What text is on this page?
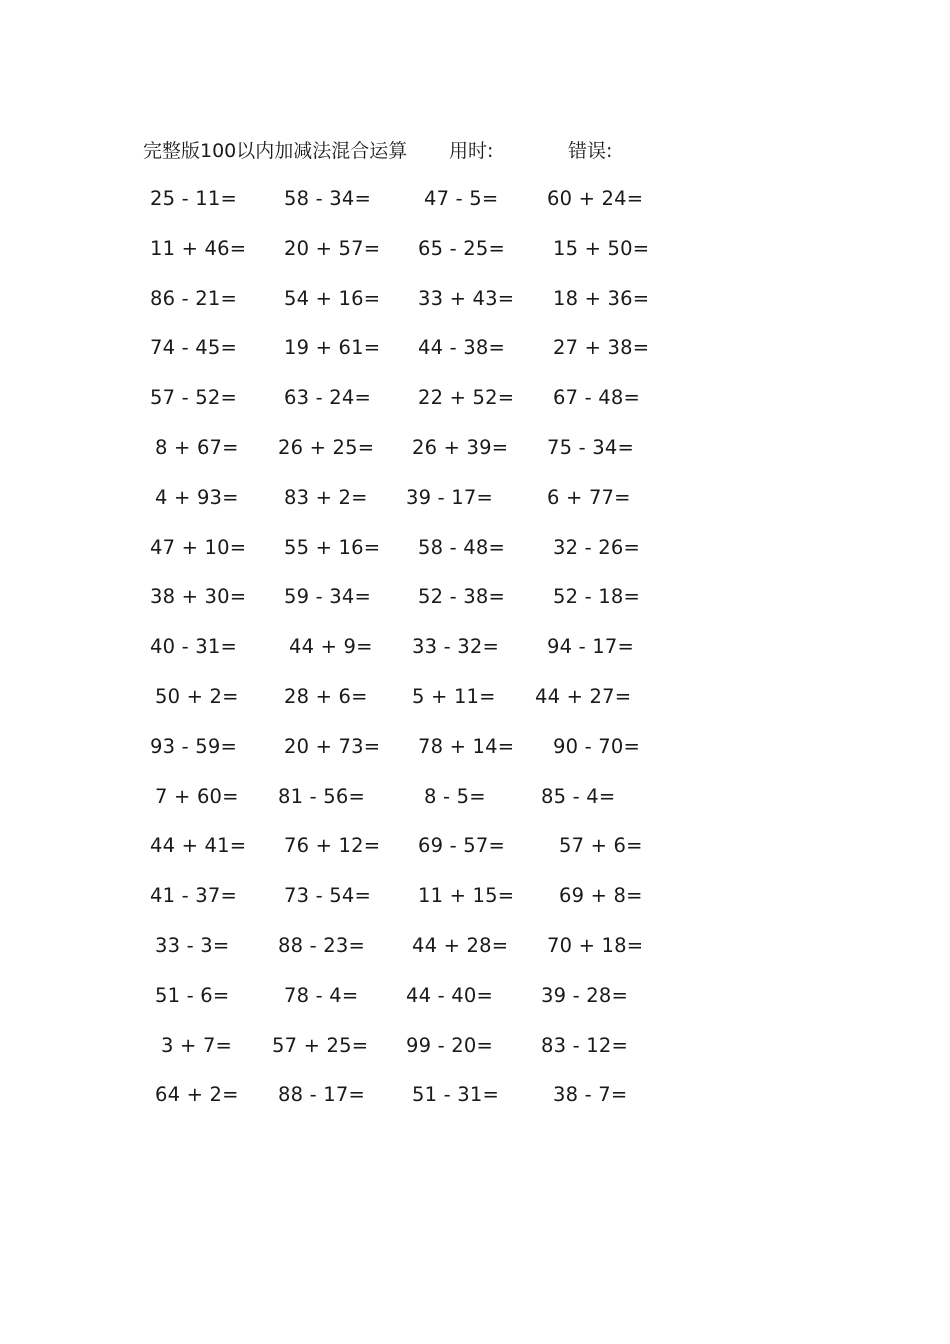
完整版100以内加减法混合运算 用时:	错误:
25 - 11= 58 - 34=	47 - 5= 60 + 24=
11 + 46= 20 + 57= 65 - 25= 15 + 50=
86 - 21= 54 + 16= 33 + 43= 18 + 36=
74 - 45= 19 + 61= 44 - 38= 27 + 38=
57 - 52= 63 - 24= 22 + 52= 67 - 48=
8 + 67= 26 + 25= 26 + 39= 75 - 34=
4 + 93= 83 + 2= 39 - 17=	6 + 77=
47 + 10= 55 + 16= 58 - 48= 32 - 26=
38 + 30= 59 - 34= 52 - 38= 52 - 18=
40 - 31=	44 + 9= 33 - 32= 94 - 17=
50 + 2= 28 + 6= 5 + 11= 44 + 27=
93 - 59= 20 + 73= 78 + 14= 90 - 70=
7 + 60= 81 - 56=	8 - 5=	85 - 4=
44 + 41= 76 + 12= 69 - 57=	57 + 6=
41 - 37= 73 - 54= 11 + 15= 69 + 8=
33 - 3= 88 - 23= 44 + 28= 70 + 18=
51 - 6=	78 - 4= 44 - 40= 39 - 28=
3 + 7= 57 + 25= 99 - 20= 83 - 12=
64 + 2= 88 - 17= 51 - 31=	38 - 7=
